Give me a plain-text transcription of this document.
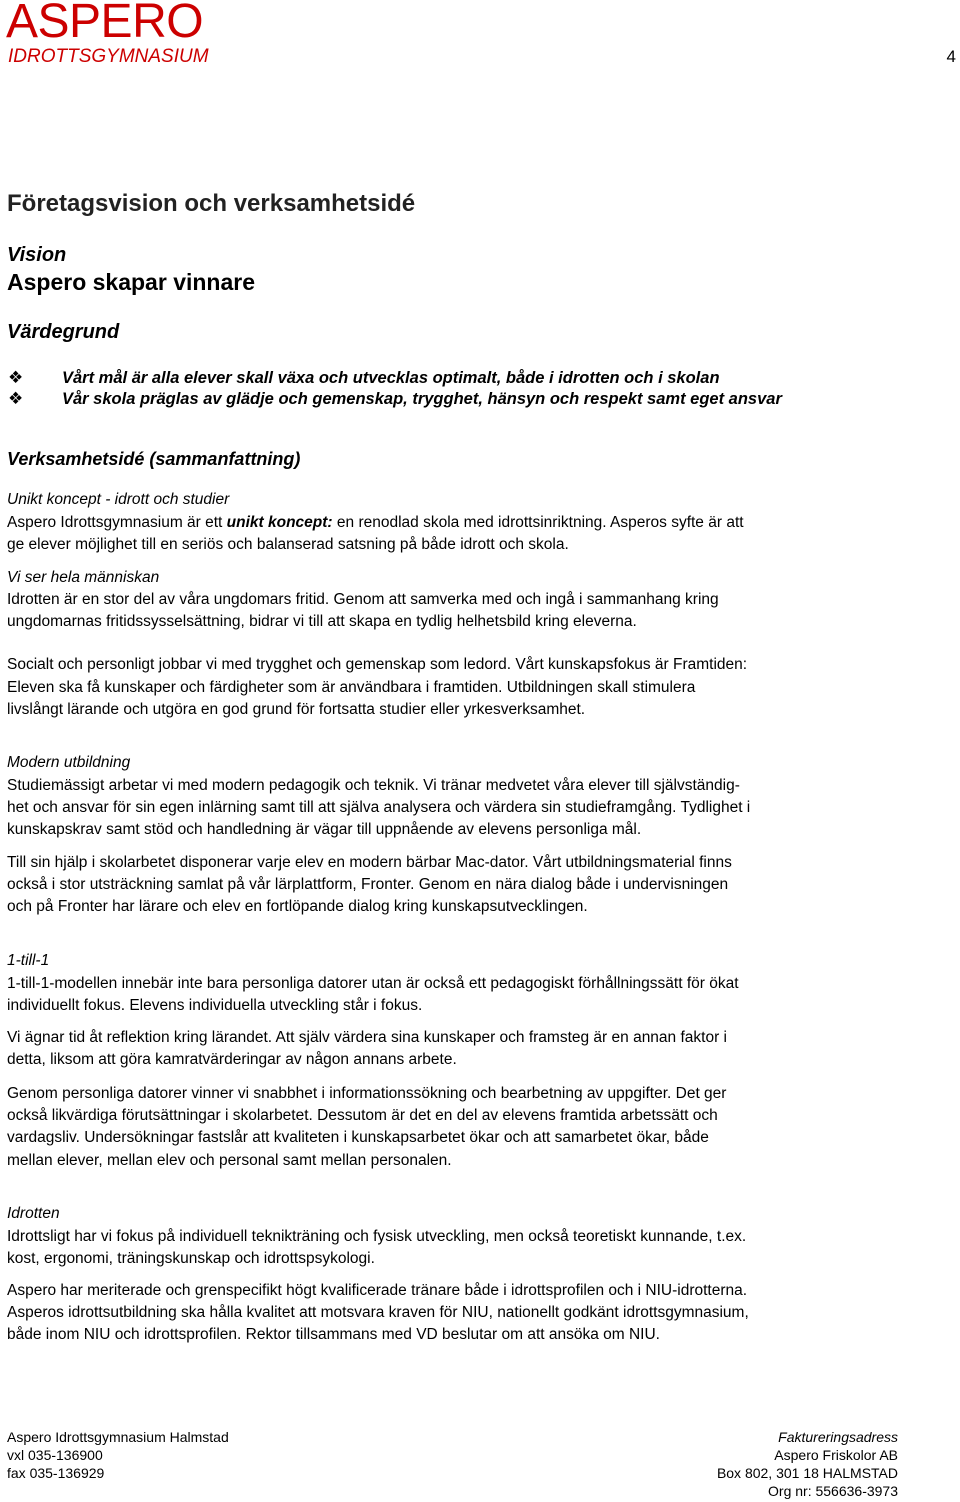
ASPERO
IDROTTSGYMNASIUM	4
Företagsvision och verksamhetsidé
Vision
Aspero skapar vinnare
Värdegrund
❖	Vårt mål är alla elever skall växa och utvecklas optimalt, både i idrotten och i skolan
❖	Vår skola präglas av glädje och gemenskap, trygghet, hänsyn och respekt samt eget ansvar
Verksamhetsidé (sammanfattning)
Unikt koncept - idrott och studier
Aspero Idrottsgymnasium är ett unikt koncept: en renodlad skola med idrottsinriktning. Asperos syfte är att
ge elever möjlighet till en seriös och balanserad satsning på både idrott och skola.
Vi ser hela människan
Idrotten är en stor del av våra ungdomars fritid. Genom att samverka med och ingå i sammanhang kring
ungdomarnas fritidssysselsättning, bidrar vi till att skapa en tydlig helhetsbild kring eleverna.
Socialt och personligt jobbar vi med trygghet och gemenskap som ledord. Vårt kunskapsfokus är Framtiden:
Eleven ska få kunskaper och färdigheter som är användbara i framtiden. Utbildningen skall stimulera
livslångt lärande och utgöra en god grund för fortsatta studier eller yrkesverksamhet.
Modern utbildning
Studiemässigt arbetar vi med modern pedagogik och teknik. Vi tränar medvetet våra elever till självständig-
het och ansvar för sin egen inlärning samt till att själva analysera och värdera sin studieframgång. Tydlighet i
kunskapskrav samt stöd och handledning är vägar till uppnående av elevens personliga mål.
Till sin hjälp i skolarbetet disponerar varje elev en modern bärbar Mac-dator. Vårt utbildningsmaterial finns
också i stor utsträckning samlat på vår lärplattform, Fronter. Genom en nära dialog både i undervisningen
och på Fronter har lärare och elev en fortlöpande dialog kring kunskapsutvecklingen.
1-till-1
1-till-1-modellen innebär inte bara personliga datorer utan är också ett pedagogiskt förhållningssätt för ökat
individuellt fokus. Elevens individuella utveckling står i fokus.
Vi ägnar tid åt reflektion kring lärandet. Att själv värdera sina kunskaper och framsteg är en annan faktor i
detta, liksom att göra kamratvärderingar av någon annans arbete.
Genom personliga datorer vinner vi snabbhet i informationssökning och bearbetning av uppgifter. Det ger
också likvärdiga förutsättningar i skolarbetet. Dessutom är det en del av elevens framtida arbetssätt och
vardagsliv. Undersökningar fastslår att kvaliteten i kunskapsarbetet ökar och att samarbetet ökar, både
mellan elever, mellan elev och personal samt mellan personalen.
Idrotten
Idrottsligt har vi fokus på individuell teknikträning och fysisk utveckling, men också teoretiskt kunnande, t.ex.
kost, ergonomi, träningskunskap och idrottspsykologi.
Aspero har meriterade och grenspecifikt högt kvalificerade tränare både i idrottsprofilen och i NIU-idrotterna.
Asperos idrottsutbildning ska hålla kvalitet att motsvara kraven för NIU, nationellt godkänt idrottsgymnasium,
både inom NIU och idrottsprofilen. Rektor tillsammans med VD beslutar om att ansöka om NIU.
Aspero Idrottsgymnasium Halmstad
vxl 035-136900
fax 035-136929
Faktureringsadress
Aspero Friskolor AB
Box 802, 301 18 HALMSTAD
Org nr: 556636-3973
